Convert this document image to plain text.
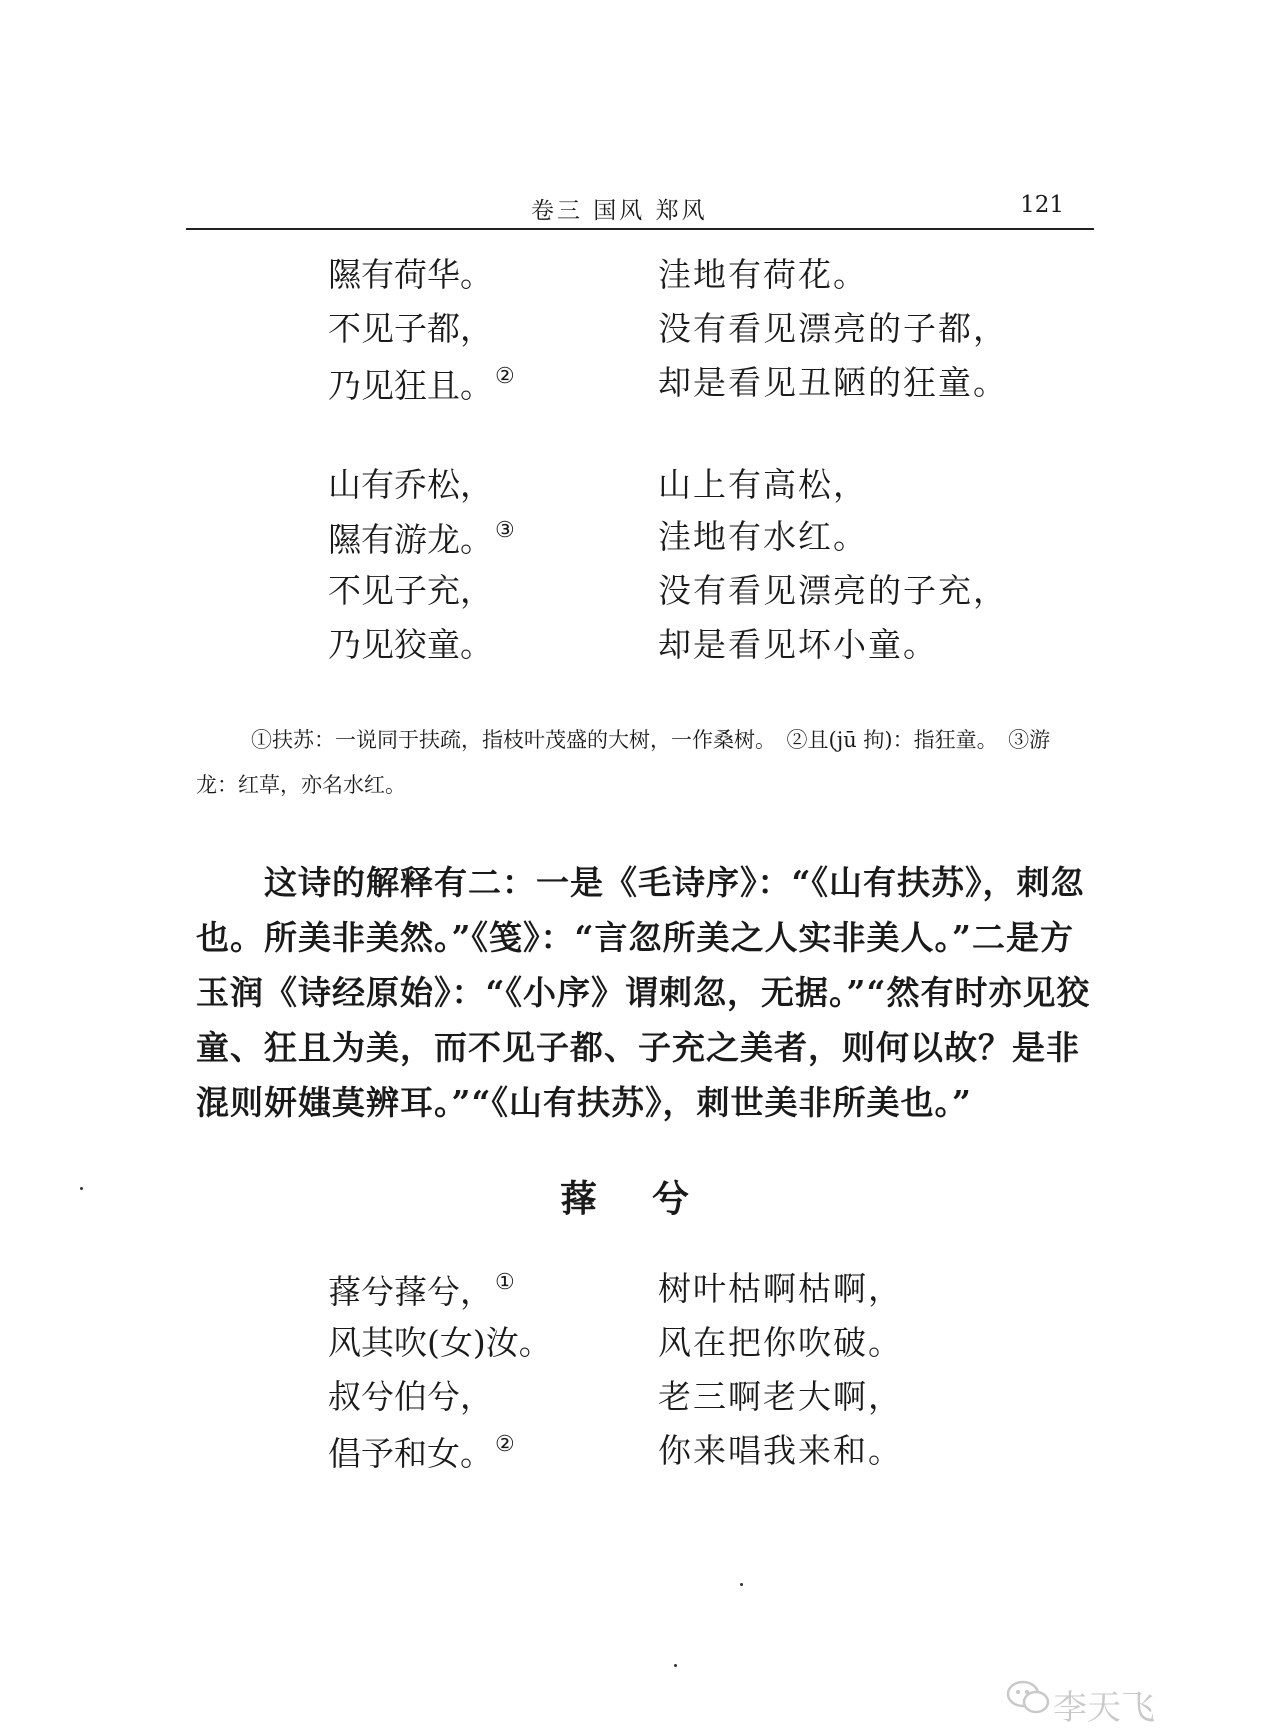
卷三 国风 郑风	121
隰有荷华。	洼地有荷花。
不见子都，	没有看见漂亮的子都，
乃见狂且。②	却是看见丑陋的狂童。
山有乔松，	山上有高松，
隰有游龙。③	洼地有水红。
不见子充，	没有看见漂亮的子充，
乃见狡童。	却是看见坏小童。
①扶苏：一说同于扶疏，指枝叶茂盛的大树，一作桑树。　②且(jū 拘)：指狂童。　③游龙：红草，亦名水红。
这诗的解释有二：一是《毛诗序》：“《山有扶苏》，刺忽也。所美非美然。”《笺》：“言忽所美之人实非美人。”二是方玉润《诗经原始》：“《小序》谓刺忽，无据。”“然有时亦见狡童、狂且为美，而不见子都、子充之美者，则何以故？是非混则妍媸莫辨耳。”“《山有扶苏》，刺世美非所美也。”
萚兮
萚兮萚兮，①	树叶枯啊枯啊，
风其吹(女)汝。	风在把你吹破。
叔兮伯兮，	老三啊老大啊，
倡予和女。②	你来唱我来和。
李天飞
